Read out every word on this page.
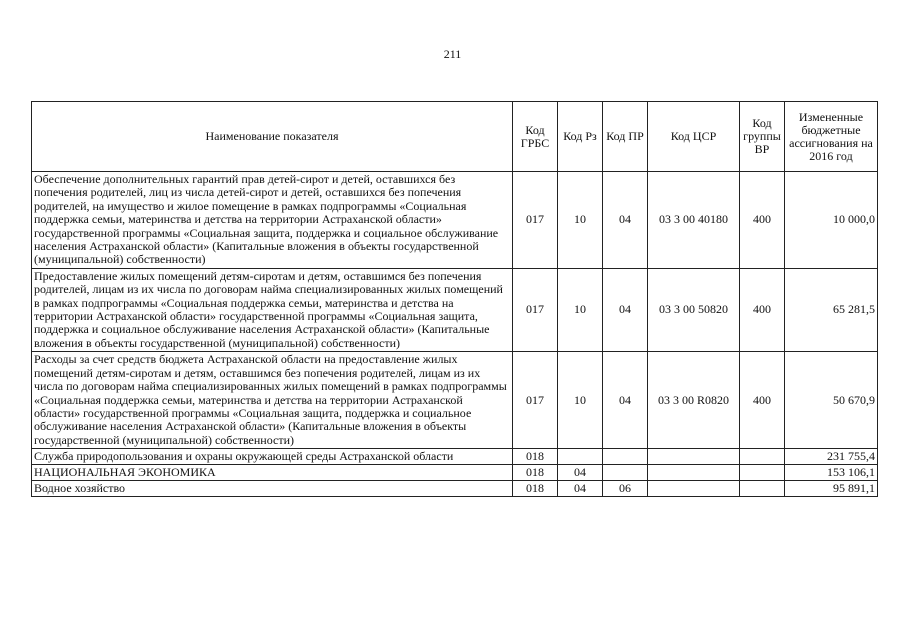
211
Наименование показателя	Код ГРБС	Код Рз	Код ПР	Код ЦСР	Код группы ВР	Измененные бюджетные ассигнования на 2016 год
Обеспечение дополнительных гарантий прав детей-сирот и детей, оставшихся без попечения родителей, лиц из числа детей-сирот и детей, оставшихся без попечения родителей, на имущество и жилое помещение в рамках подпрограммы «Социальная поддержка семьи, материнства и детства на территории Астраханской области» государственной программы «Социальная защита, поддержка и социальное обслуживание населения Астраханской области» (Капитальные вложения в объекты государственной (муниципальной) собственности)	017	10	04	03 3 00 40180	400	10 000,0
Предоставление жилых помещений детям-сиротам и детям, оставшимся без попечения родителей, лицам из их числа по договорам найма специализированных жилых помещений в рамках подпрограммы «Социальная поддержка семьи, материнства и детства на территории Астраханской области» государственной программы «Социальная защита, поддержка и социальное обслуживание населения Астраханской области» (Капитальные вложения в объекты государственной (муниципальной) собственности)	017	10	04	03 3 00 50820	400	65 281,5
Расходы за счет средств бюджета Астраханской области на предоставление жилых помещений детям-сиротам и детям, оставшимся без попечения родителей, лицам из их числа по договорам найма специализированных жилых помещений в рамках подпрограммы «Социальная поддержка семьи, материнства и детства на территории Астраханской области» государственной программы «Социальная защита, поддержка и социальное обслуживание населения Астраханской области» (Капитальные вложения в объекты государственной (муниципальной) собственности)	017	10	04	03 3 00 R0820	400	50 670,9
Служба природопользования и охраны окружающей среды Астраханской области	018					231 755,4
НАЦИОНАЛЬНАЯ ЭКОНОМИКА	018	04				153 106,1
Водное хозяйство	018	04	06			95 891,1
